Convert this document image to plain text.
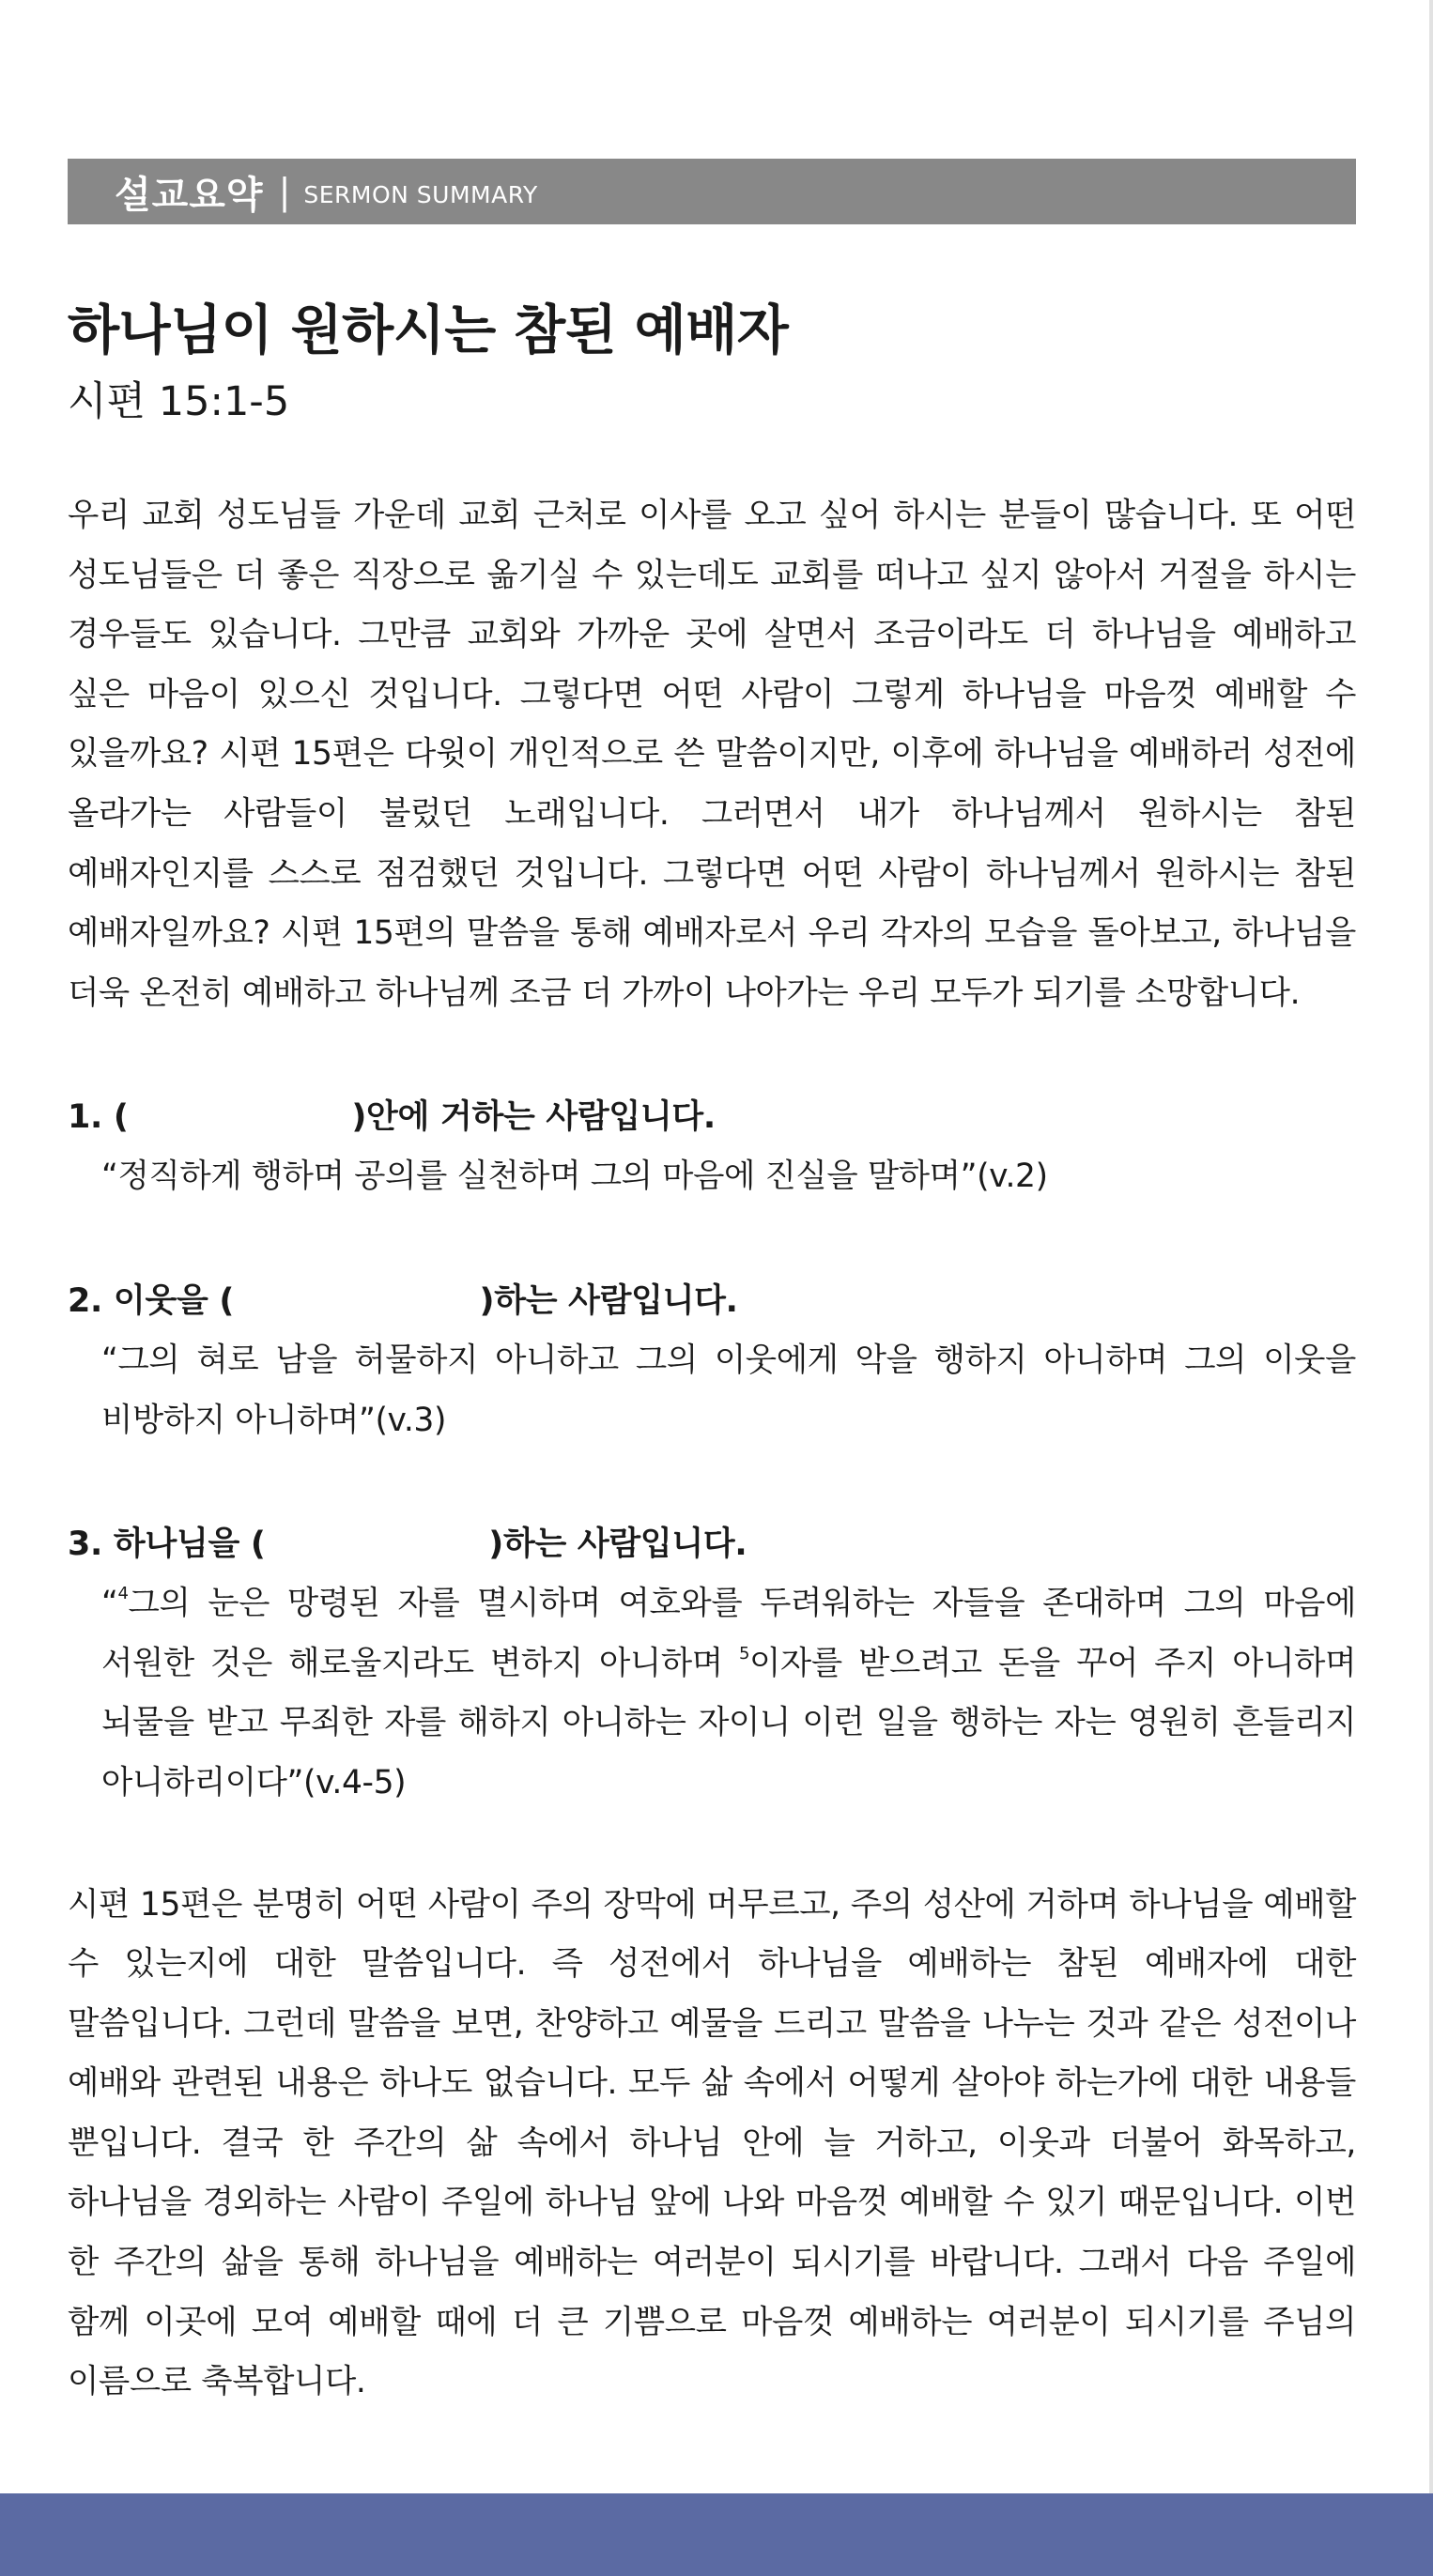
설교요약 | SERMON SUMMARY
하나님이 원하시는 참된 예배자
시편 15:1-5

우리 교회 성도님들 가운데 교회 근처로 이사를 오고 싶어 하시는 분들이 많습니다. 또 어떤 성도님들은 더 좋은 직장으로 옮기실 수 있는데도 교회를 떠나고 싶지 않아서 거절을 하시는 경우들도 있습니다. 그만큼 교회와 가까운 곳에 살면서 조금이라도 더 하나님을 예배하고 싶은 마음이 있으신 것입니다. 그렇다면 어떤 사람이 그렇게 하나님을 마음껏 예배할 수 있을까요? 시편 15편은 다윗이 개인적으로 쓴 말씀이지만, 이후에 하나님을 예배하러 성전에 올라가는 사람들이 불렀던 노래입니다. 그러면서 내가 하나님께서 원하시는 참된 예배자인지를 스스로 점검했던 것입니다. 그렇다면 어떤 사람이 하나님께서 원하시는 참된 예배자일까요? 시편 15편의 말씀을 통해 예배자로서 우리 각자의 모습을 돌아보고, 하나님을 더욱 온전히 예배하고 하나님께 조금 더 가까이 나아가는 우리 모두가 되기를 소망합니다.

1. (                    )안에 거하는 사람입니다.
“정직하게 행하며 공의를 실천하며 그의 마음에 진실을 말하며”(v.2)
2. 이웃을 (                      )하는 사람입니다.
“그의 혀로 남을 허물하지 아니하고 그의 이웃에게 악을 행하지 아니하며 그의 이웃을 비방하지 아니하며”(v.3)
3. 하나님을 (                    )하는 사람입니다.
“$^4$그의 눈은 망령된 자를 멸시하며 여호와를 두려워하는 자들을 존대하며 그의 마음에 서원한 것은 해로울지라도 변하지 아니하며 $^5$이자를 받으려고 돈을 꾸어 주지 아니하며 뇌물을 받고 무죄한 자를 해하지 아니하는 자이니 이런 일을 행하는 자는 영원히 흔들리지 아니하리이다”(v.4-5)

시편 15편은 분명히 어떤 사람이 주의 장막에 머무르고, 주의 성산에 거하며 하나님을 예배할 수 있는지에 대한 말씀입니다. 즉 성전에서 하나님을 예배하는 참된 예배자에 대한 말씀입니다. 그런데 말씀을 보면, 찬양하고 예물을 드리고 말씀을 나누는 것과 같은 성전이나 예배와 관련된 내용은 하나도 없습니다. 모두 삶 속에서 어떻게 살아야 하는가에 대한 내용들 뿐입니다. 결국 한 주간의 삶 속에서 하나님 안에 늘 거하고, 이웃과 더불어 화목하고, 하나님을 경외하는 사람이 주일에 하나님 앞에 나와 마음껏 예배할 수 있기 때문입니다. 이번 한 주간의 삶을 통해 하나님을 예배하는 여러분이 되시기를 바랍니다. 그래서 다음 주일에 함께 이곳에 모여 예배할 때에 더 큰 기쁨으로 마음껏 예배하는 여러분이 되시기를 주님의 이름으로 축복합니다.
